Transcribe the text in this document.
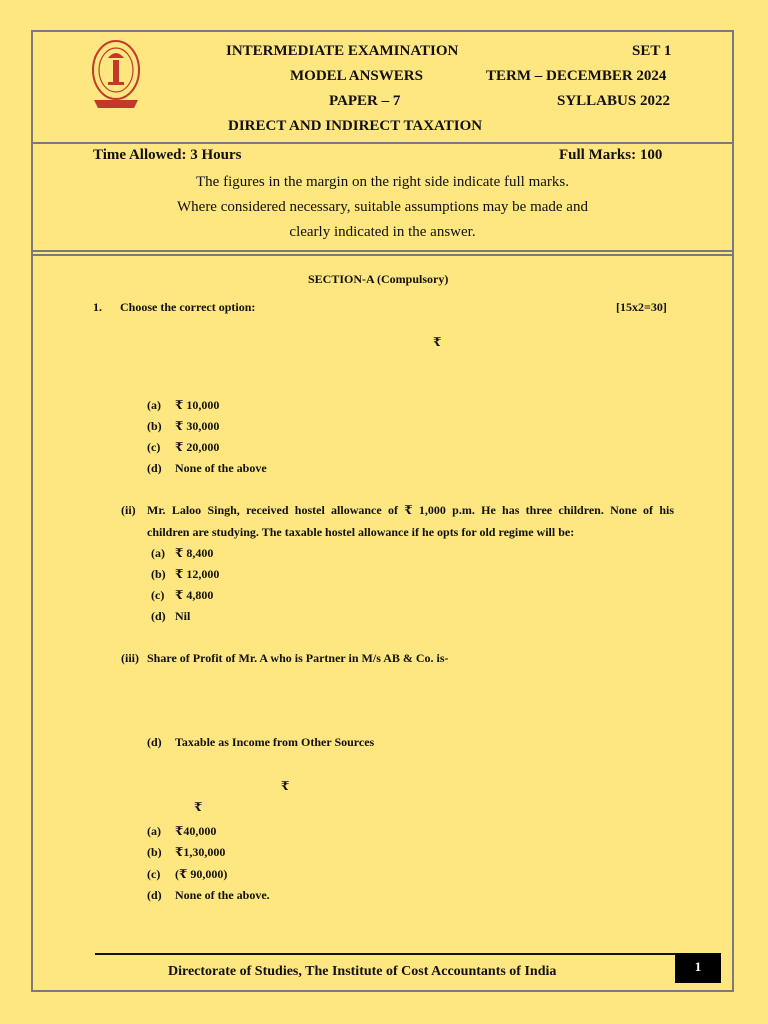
INTERMEDIATE EXAMINATION	SET 1
MODEL ANSWERS	TERM – DECEMBER 2024
PAPER – 7	SYLLABUS 2022
DIRECT AND INDIRECT TAXATION
Time Allowed: 3 Hours	Full Marks: 100
The figures in the margin on the right side indicate full marks.
Where considered necessary, suitable assumptions may be made and
clearly indicated in the answer.
SECTION-A (Compulsory)
1. Choose the correct option:	[15x2=30]
₹
(a) ₹ 10,000
(b) ₹ 30,000
(c) ₹ 20,000
(d) None of the above
(ii) Mr. Laloo Singh, received hostel allowance of ₹ 1,000 p.m. He has three children. None of his
children are studying. The taxable hostel allowance if he opts for old regime will be:
(a) ₹ 8,400
(b) ₹ 12,000
(c) ₹ 4,800
(d) Nil
(iii) Share of Profit of Mr. A who is Partner in M/s AB & Co. is-
(d) Taxable as Income from Other Sources
₹
₹
(a) ₹40,000
(b) ₹1,30,000
(c) (₹ 90,000)
(d) None of the above.
Directorate of Studies, The Institute of Cost Accountants of India	1
